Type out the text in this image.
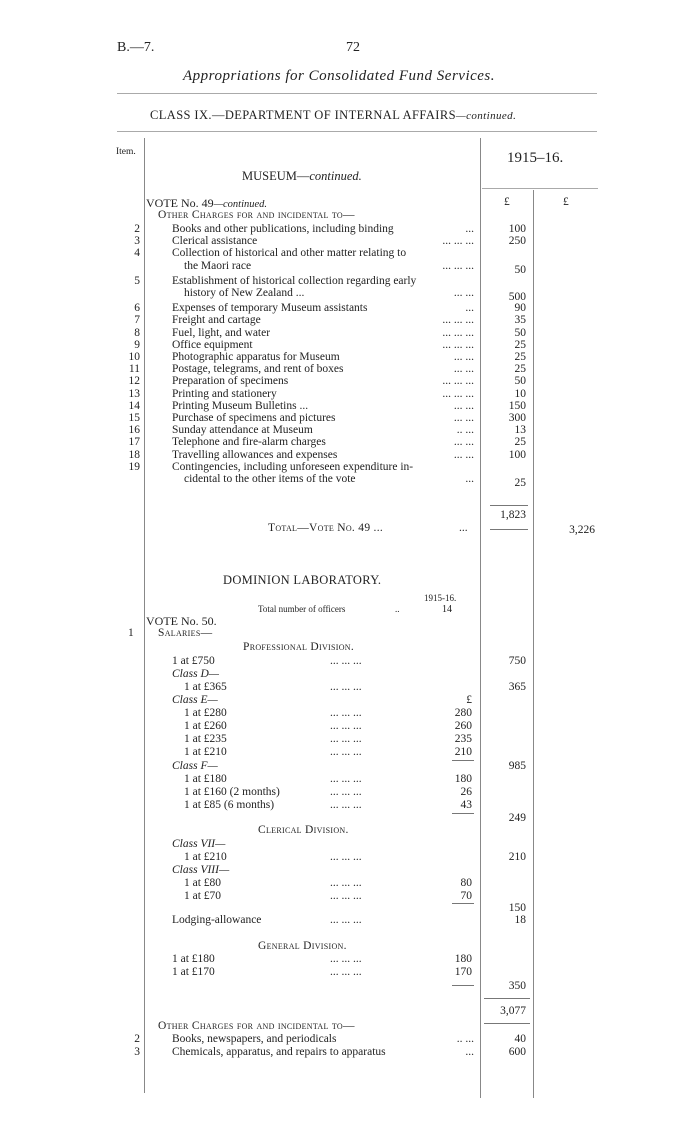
B.—7.	72
Appropriations for Consolidated Fund Services.
CLASS IX.—DEPARTMENT OF INTERNAL AFFAIRS—continued.
Item.	1915–16.
£	£
MUSEUM—continued.
VOTE No. 49—continued.
Other Charges for and incidental to—
2	Books and other publications, including binding	...	100
3	Clerical assistance	... ... ...	250
4	Collection of historical and other matter relating to
the Maori race	... ... ...	50
5	Establishment of historical collection regarding early
history of New Zealand ...	... ...	500
6	Expenses of temporary Museum assistants	...	90
7	Freight and cartage	... ... ...	35
8	Fuel, light, and water	... ... ...	50
9	Office equipment	... ... ...	25
10	Photographic apparatus for Museum	... ...	25
11	Postage, telegrams, and rent of boxes	... ...	25
12	Preparation of specimens	... ... ...	50
13	Printing and stationery	... ... ...	10
14	Printing Museum Bulletins ...	... ...	150
15	Purchase of specimens and pictures	... ...	300
16	Sunday attendance at Museum	.. ...	13
17	Telephone and fire-alarm charges	... ...	25
18	Travelling allowances and expenses	... ...	100
19	Contingencies, including unforeseen expenditure in-
cidental to the other items of the vote	...	25
1,823
Total—Vote No. 49 ...	...	3,226
DOMINION LABORATORY.
1915-16.
Total number of officers	..	14
VOTE No. 50.
1 Salaries—
Professional Division.
1 at £750	... ... ...	750
Class D—
1 at £365	... ... ...	365
Class E—	£
1 at £280	... ... ...	280
1 at £260	... ... ...	260
1 at £235	... ... ...	235
1 at £210	... ... ...	210
985
Class F—
1 at £180	... ... ...	180
1 at £160 (2 months)	... ... ...	26
1 at £85 (6 months)	... ... ...	43
249
Clerical Division.
Class VII—
1 at £210	... ... ...	210
Class VIII—
1 at £80	... ... ...	80
1 at £70	... ... ...	70
150
Lodging-allowance	... ... ...	18
General Division.
1 at £180	... ... ...	180
1 at £170	... ... ...	170
350
3,077
Other Charges for and incidental to—
2	Books, newspapers, and periodicals	.. ...	40
3	Chemicals, apparatus, and repairs to apparatus	...	600
